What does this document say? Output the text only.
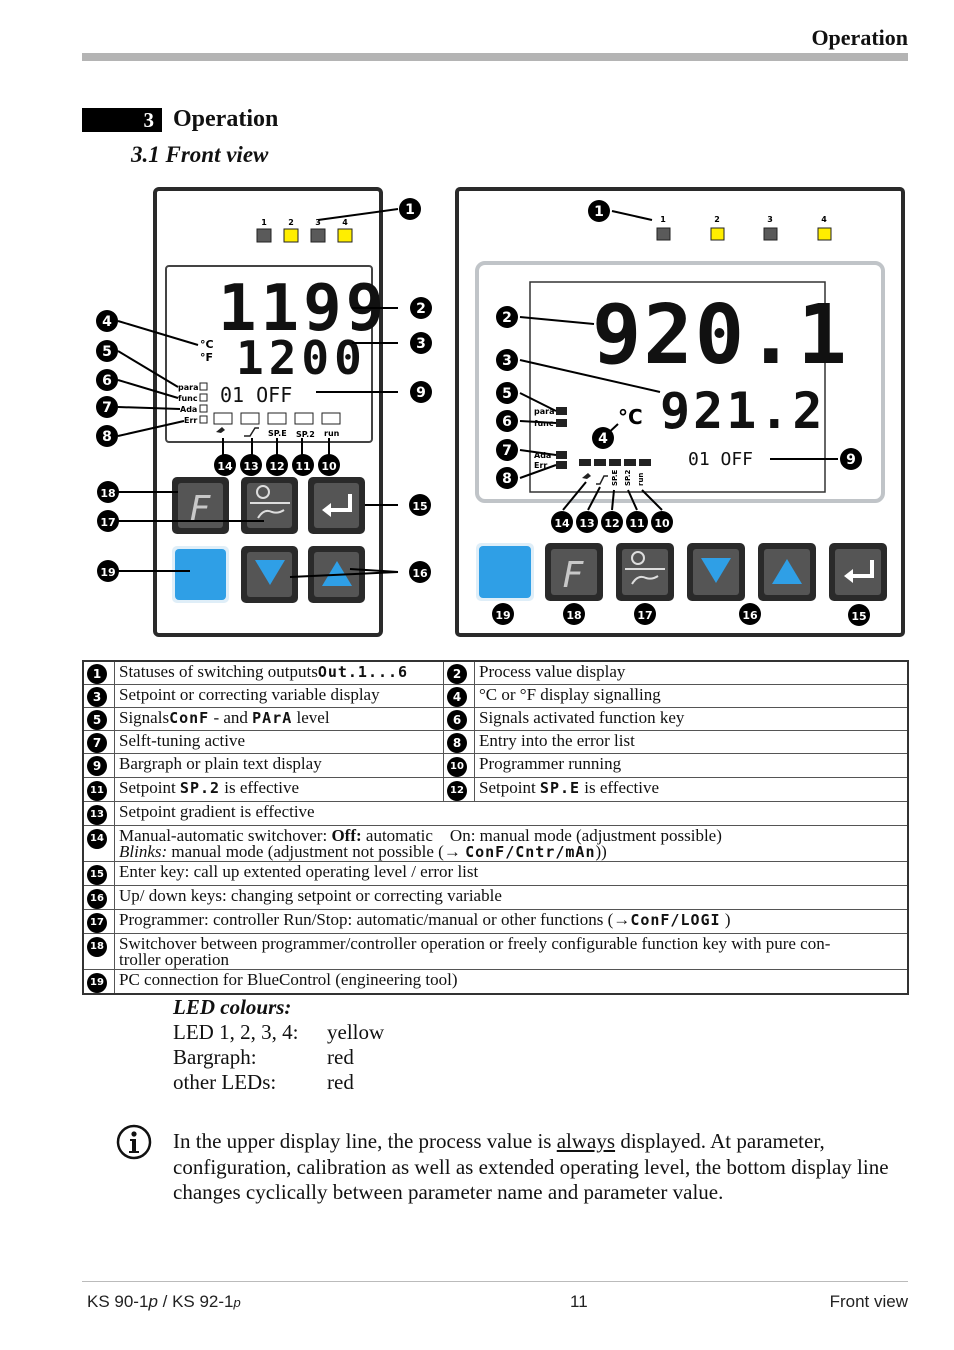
Operation
3 Operation
3.1 Front view
1	2	3	4
1199
1200
°C
°F
01 OFF
para
func
Ada
Err
SP.E SP.2 run
F
1	2	3	4
920.1
921.2
°C
01 OFF
para
func
Ada
Err
SP.E SP.2 run
F
1
2
3
4
5
6
7
8
9
14 13 12 11 10
18
17
19
15
16
1
2
3
5
6
7
8
4
9
14 13 12 11 10
19	18	17	16	15
1	Statuses of switching outputsOut.1...6	2	Process value display
3	Setpoint or correcting variable display	4	°C or °F display signalling
5	SignalsConF - and PArA level	6	Signals activated function key
7	Selft-tuning active	8	Entry into the error list
9	Bargraph or plain text display	10	Programmer running
11	Setpoint SP.2 is effective	12	Setpoint SP.E is effective
13	Setpoint gradient is effective		
14	Manual-automatic switchover: Off: automatic    On: manual mode (adjustment possible)
Blinks: manual mode (adjustment not possible (→ ConF/Cntr/mAn))		
15	Enter key: call up extented operating level / error list		
16	Up/ down keys: changing setpoint or correcting variable		
17	Programmer: controller Run/Stop: automatic/manual or other functions (→ConF/LOGI )		
18	Switchover between programmer/controller operation or freely configurable function key with pure con-
troller operation		
19	PC connection for BlueControl (engineering tool)		
LED colours:
LED 1, 2, 3, 4: yellow
Bargraph:	red
other LEDs: red
In the upper display line, the process value is always displayed. At parameter, configuration, calibration as well as extended operating level, the bottom display line changes cyclically between parameter name and parameter value.
KS 90-1p / KS 92-1p	11	Front view
